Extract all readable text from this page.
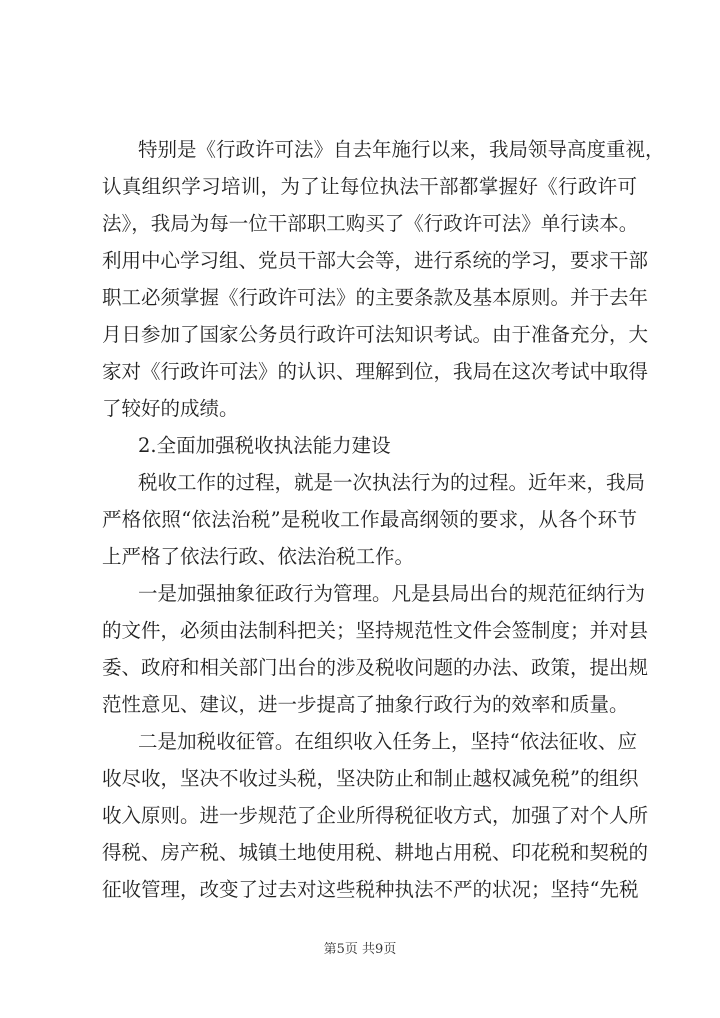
特别是《行政许可法》自去年施行以来，我局领导高度重视，
认真组织学习培训，为了让每位执法干部都掌握好《行政许可
法》，我局为每一位干部职工购买了《行政许可法》单行读本。
利用中心学习组、党员干部大会等，进行系统的学习，要求干部
职工必须掌握《行政许可法》的主要条款及基本原则。并于去年
月日参加了国家公务员行政许可法知识考试。由于准备充分，大
家对《行政许可法》的认识、理解到位，我局在这次考试中取得
了较好的成绩。
2.全面加强税收执法能力建设
税收工作的过程，就是一次执法行为的过程。近年来，我局
严格依照“依法治税”是税收工作最高纲领的要求，从各个环节
上严格了依法行政、依法治税工作。
一是加强抽象征政行为管理。凡是县局出台的规范征纳行为
的文件，必须由法制科把关；坚持规范性文件会签制度；并对县
委、政府和相关部门出台的涉及税收问题的办法、政策，提出规
范性意见、建议，进一步提高了抽象行政行为的效率和质量。
二是加税收征管。在组织收入任务上，坚持“依法征收、应
收尽收，坚决不收过头税，坚决防止和制止越权减免税”的组织
收入原则。进一步规范了企业所得税征收方式，加强了对个人所
得税、房产税、城镇土地使用税、耕地占用税、印花税和契税的
征收管理，改变了过去对这些税种执法不严的状况；坚持“先税
第5页 共9页
